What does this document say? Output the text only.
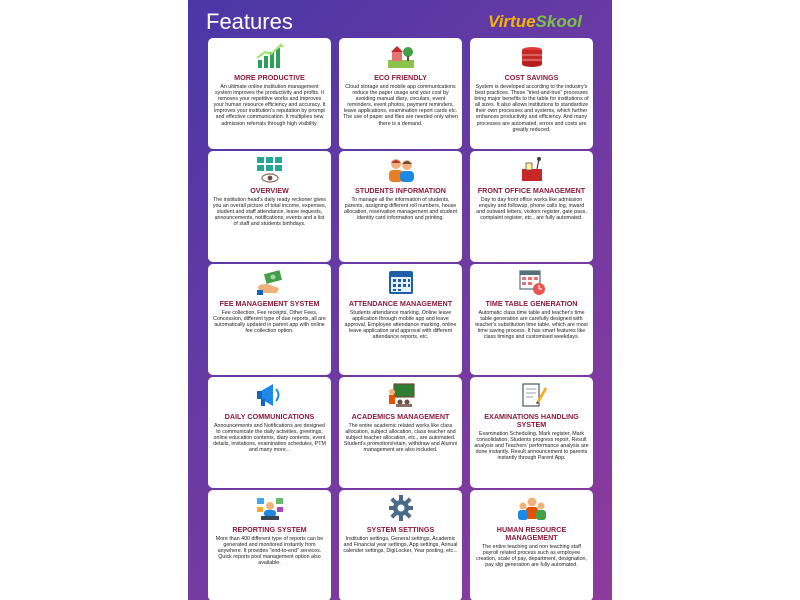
Features	VirtueSkool
MORE PRODUCTIVE

An ultimate online institution management system improves the productivity and profits. It removes your repetitive works and improves your human resource efficiency and accuracy. It improves your institution's reputation by prompt and effective communication. It multiplies new admission referrals through high visibility.

ECO FRIENDLY

Cloud storage and mobile app communications reduce the paper usage and your cost by avoiding manual diary, circulars, event reminders, event photos, payment reminders, leave applications, examination report cards etc. The use of paper and files are needed only when there is a demand.

COST SAVINGS

System is developed according to the industry's best practices. These "tried-and-true" processes bring major benefits to the table for institutions of all sizes. It also allows institutions to standardize their own processes and systems, which further enhances productivity and efficiency. And many processes are automated, errors and costs are greatly reduced.

OVERVIEW

The institution head's daily ready reckoner gives you an overall picture of total income, expenses, student and staff attendance, leave requests, announcements, notifications, events and a list of staff and students birthdays.

STUDENTS INFORMATION

To manage all the information of students, parents, assigning different roll numbers, house allocation, reservation management and student identity card information and printing.

FRONT OFFICE MANAGEMENT

Day to day front office works like admission enquiry and followup, phone calls log, inward and outward letters, visitors register, gate pass, complaint register, etc., are fully automated.

FEE MANAGEMENT SYSTEM

Fee collection, Fee receipts, Other Fees, Concession, different type of due reports, all are automatically updated in parent app with online fee collection option.

ATTENDANCE MANAGEMENT

Students attendance marking, Online leave application through mobile app and leave approval, Employee attendance marking, online leave application and approval with different attendance reports, etc.

TIME TABLE GENERATION

Automatic class time table and teacher's time table generation are carefully designed with teacher's substitution time table, which are most time saving process. It has smart features like class timings and customised weekdays.

DAILY COMMUNICATIONS

Announcements and Notifications are designed to communicate the daily activities, greetings, online education contents, diary contents, event details, invitations, examination schedules, PTM and many more...

ACADEMICS MANAGEMENT

The entire academic related works like class allocation, subject allocation, class teacher and subject teacher allocation, etc., are automated. Student's promotion/retain, withdraw and Alumni management are also included.

EXAMINATIONS HANDLING SYSTEM

Examination Scheduling, Mark register, Mark consolidation, Students progress report, Result analysis and Teachers' performance analysis are done instantly. Result announcement to parents instantly through Parent App.

REPORTING SYSTEM

More than 400 different type of reports can be generated and monitored instantly from anywhere. It provides "end-to-end" services. Quick reports pool management option also available.

SYSTEM SETTINGS

Institution settings, General settings, Academic and Financial year settings, App settings, Annual calender settings, DigiLocker, Year posting, etc...

HUMAN RESOURCE MANAGEMENT

The entire teaching and non teaching staff payroll related process such as employee creation, scale of pay, department, designation, pay slip generation are fully automated.
